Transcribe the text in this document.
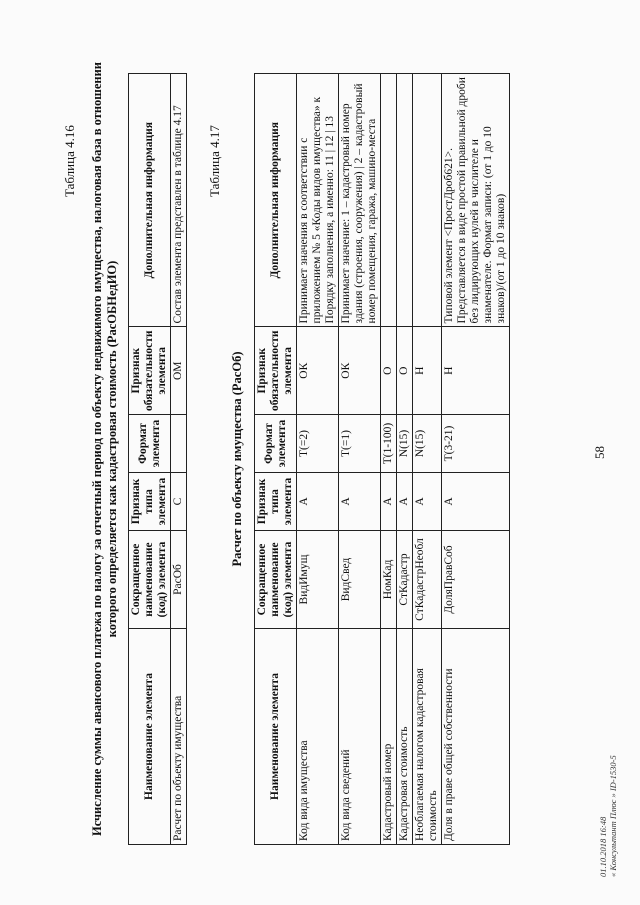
58
Таблица 4.16 Исчисление суммы авансового платежа по налогу за отчетный период по объекту недвижимого имущества, налоговая база в отношении которого определяется как кадастровая стоимость (РасОБНедИО)
Наименование элемента	Сокращенное наименование (код) элемента	Признак типа элемента	Формат элемента	Признак обязательности элемента	Дополнительная информация
Расчет по объекту имущества	РасОб	С		ОМ	Состав элемента представлен в таблице 4.17 Таблица 4.17
Расчет по объекту имущества (РасОб)
Наименование элемента	Сокращенное наименование (код) элемента	Признак типа элемента	Формат элемента	Признак обязательности элемента	Дополнительная информация
Код вида имущества	ВидИмущ	А	Т(=2)	ОК	Принимает значения в соответствии с приложением № 5 «Коды видов имущества» к Порядку заполнения, а именно: 11 | 12 | 13
Код вида сведений	ВидСвед	А	Т(=1)	ОК	Принимает значение: 1 – кадастровый номер здания (строения, сооружения) | 2 – кадастровый номер помещения, гаража, машино-места
Кадастровый номер	НомКад	А	T(1-100)	О	
Кадастровая стоимость	СтКадастр	А	N(15)	О	
Необлагаемая налогом кадастровая стоимость	СтКадастрНеобл	А	N(15)	Н	
Доля в праве общей собственности	ДоляПравСоб	А	Т(3-21)	Н	Типовой элемент <ПростДроб621>. Представляется в виде простой правильной дроби без лидирующих нулей в числителе и знаменателе. Формат записи: (от 1 до 10 знаков)/(от 1 до 10 знаков)
01.10.2018 16:48 « Консультант Плюс » ID-1530-5
